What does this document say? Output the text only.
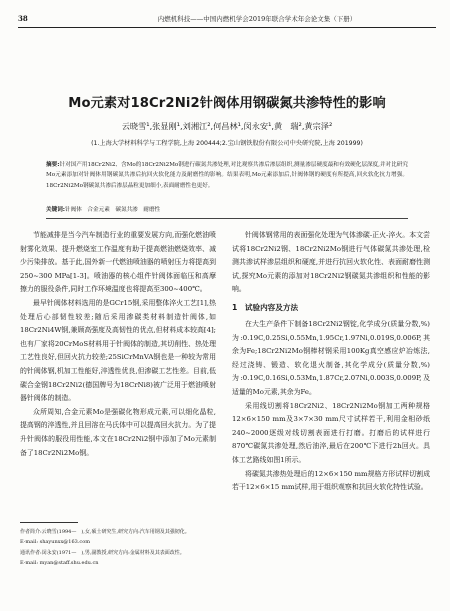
38	内燃机科技——中国内燃机学会2019年联合学术年会论文集（下册）
Mo元素对18Cr2Ni2针阀体用钢碳氮共渗特性的影响
云晓雪¹,张显刚¹,刘湘江²,何昌林¹,闵永安¹,黄　瑞²,黄宗泽²
(1.上海大学材料科学与工程学院,上海 200444;2.宝山钢铁股份有限公司中央研究院,上海 201999)
摘要:针对国产用18Cr2Ni2、含Mo的18Cr2Ni2Mo钢进行碳氮共渗处理,对比观察共渗后渗层组织,测量渗层硬度最和有效硬化层深度,并对比研究Mo元素添加对针阀体用钢碳氮共渗后抗回火软化能力及耐磨性的影响。结果表明,Mo元素添加后,针阀体钢的硬度有所提高,回火软化抗力增强。18Cr2Ni2Mo钢碳氮共渗后渗层晶粒更加细小,表面耐磨性也更好。
关键词:针阀体　合金元素　碳氮共渗　耐磨性

节能减排是当今汽车制造行业的重要发展方向,而强化燃油喷射雾化效果、提升燃烧室工作温度有助于提高燃油燃烧效率、减少污染排放。基于此,国外新一代燃油喷油器的喷射压力将提高到250~300 MPa[1-3]。喷油器的核心组件针阀体面临压和高摩擦力的服役条件,同时工作环境温度也将提高至300~400℃。

最早针阀体材料选用的是GCr15钢,采用整体淬火工艺[1],热处理后心部韧性较差;随后采用渗碳类材料制造针阀体,如18Cr2Ni4W钢,兼顾高强度及高韧性的优点,但材料成本较高[4];也有厂家将20CrMoS材料用于针阀体的制造,其切削性、热处理工艺性良好,但回火抗力较差;25SiCrMnVA钢也是一种较为常用的针阀体钢,机加工性能好,淬透性优良,但渗碳工艺性差。目前,低碳合金钢18Cr2Ni2(德国牌号为18CrNi8)被广泛用于燃油喷射器针阀体的制造。

众所周知,合金元素Mo是强碳化物形成元素,可以细化晶粒,提高钢的淬透性,并且回溶在马氏体中可以提高回火抗力。为了提升针阀体的服役用性能,本文在18Cr2Ni2钢中添加了Mo元素制备了18Cr2Ni2Mo钢。

针阀体钢常用的表面强化处理为气体渗碳-正火-淬火。本文尝试将18Cr2Ni2钢、18Cr2Ni2Mo钢进行气体碳氮共渗处理,检测共渗试样渗层组织和硬度,并进行抗回火软化性、表面耐磨性测试,探究Mo元素的添加对18Cr2Ni2钢碳氮共渗组织和性能的影响。

1　试验内容及方法

在大生产条件下制备18Cr2Ni2钢锭,化学成分(质量分数,%)为:0.19C,0.25Si,0.55Mn,1.95Cr,1.97Ni,0.019S,0.006P,其余为Fe;18Cr2Ni2Mo钢棒材钢采用100Kg真空感应炉冶炼法,经过浇铸、锻造、软化退火制备,其化学成分(质量分数,%)为:0.19C,0.16Si,0.53Mn,1.87Cr,2.07Ni,0.003S,0.009P,及适量的Mo元素,其余为Fe。

采用线切割将18Cr2Ni2、18Cr2Ni2Mo钢加工两种规格12×6×150 mm及3×7×30 mm尺寸试样若干,利用金相砂纸240~2000逐级对线切割表面进行打磨。打磨后的试样进行870℃碳氮共渗处理,然后油淬,最后在200℃下进行2h回火。具体工艺路线如图1所示。

将碳氮共渗热处理后的12×6×150 mm规格方形试样切割成若干12×6×15 mm试样,用于组织观察和抗回火软化特性试验。

作者简介:云晓雪(1994—　),女,硕士研究生,研究方向:汽车用钢及其强韧化。
E-mail: shayunxx@163.com
通讯作者:闵永安(1971—　),男,副教授,研究方向:金属材料及其表面改性。
E-mail: myan@staff.shu.edu.cn
